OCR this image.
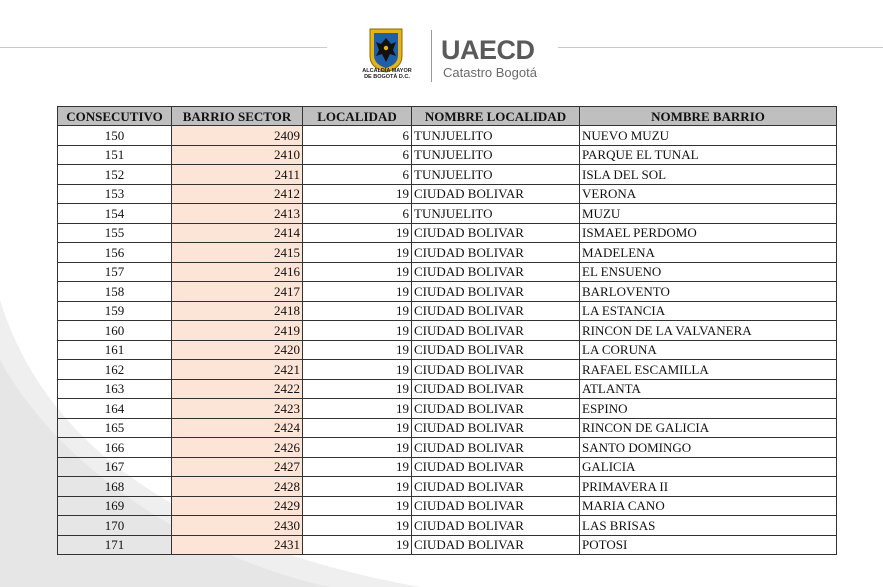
ALCALDÍA MAYOR
DE BOGOTÁ D.C.
UAECD
Catastro Bogotá
CONSECUTIVO	BARRIO SECTOR	LOCALIDAD	NOMBRE LOCALIDAD	NOMBRE BARRIO
150	2409	6	TUNJUELITO	NUEVO MUZU
151	2410	6	TUNJUELITO	PARQUE EL TUNAL
152	2411	6	TUNJUELITO	ISLA DEL SOL
153	2412	19	CIUDAD BOLIVAR	VERONA
154	2413	6	TUNJUELITO	MUZU
155	2414	19	CIUDAD BOLIVAR	ISMAEL PERDOMO
156	2415	19	CIUDAD BOLIVAR	MADELENA
157	2416	19	CIUDAD BOLIVAR	EL ENSUENO
158	2417	19	CIUDAD BOLIVAR	BARLOVENTO
159	2418	19	CIUDAD BOLIVAR	LA ESTANCIA
160	2419	19	CIUDAD BOLIVAR	RINCON DE LA VALVANERA
161	2420	19	CIUDAD BOLIVAR	LA CORUNA
162	2421	19	CIUDAD BOLIVAR	RAFAEL ESCAMILLA
163	2422	19	CIUDAD BOLIVAR	ATLANTA
164	2423	19	CIUDAD BOLIVAR	ESPINO
165	2424	19	CIUDAD BOLIVAR	RINCON DE GALICIA
166	2426	19	CIUDAD BOLIVAR	SANTO DOMINGO
167	2427	19	CIUDAD BOLIVAR	GALICIA
168	2428	19	CIUDAD BOLIVAR	PRIMAVERA II
169	2429	19	CIUDAD BOLIVAR	MARIA CANO
170	2430	19	CIUDAD BOLIVAR	LAS BRISAS
171	2431	19	CIUDAD BOLIVAR	POTOSI
